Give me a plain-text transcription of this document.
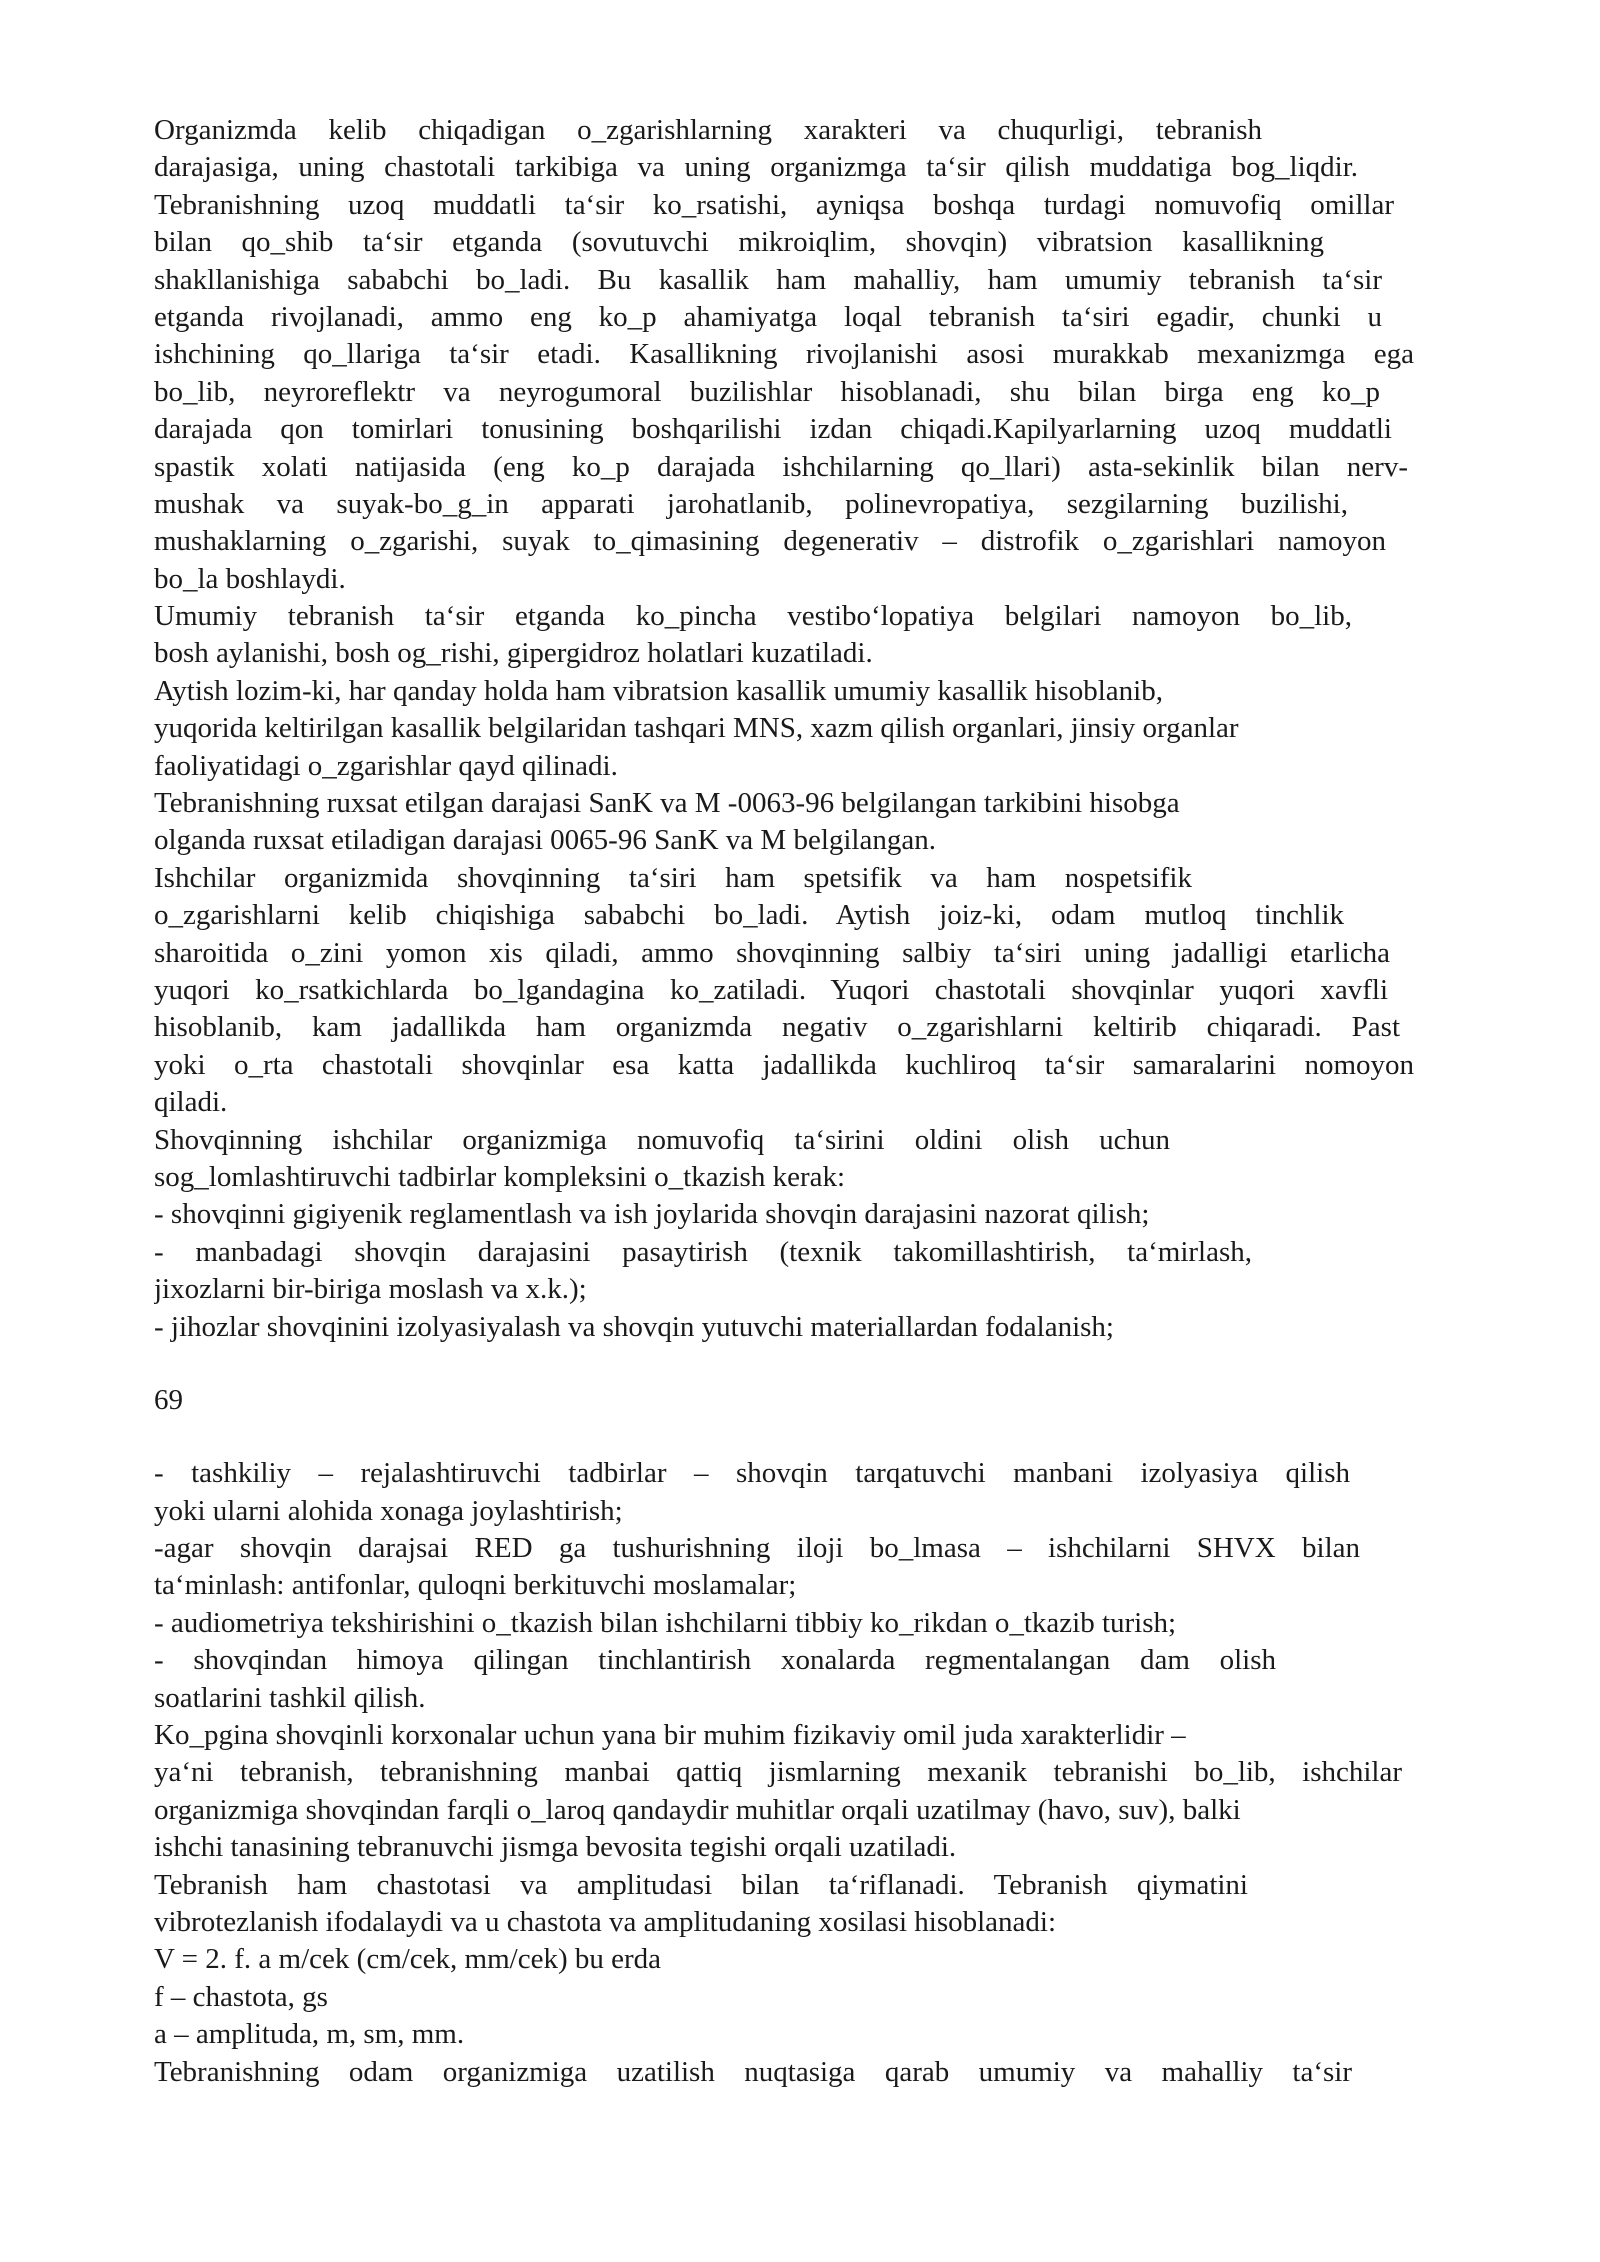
Organizmda kelib chiqadigan o_zgarishlarning xarakteri va chuqurligi, tebranish
darajasiga, uning chastotali tarkibiga va uning organizmga ta‘sir qilish muddatiga bog_liqdir.
Tebranishning uzoq muddatli ta‘sir ko_rsatishi, ayniqsa boshqa turdagi nomuvofiq omillar
bilan qo_shib ta‘sir etganda (sovutuvchi mikroiqlim, shovqin) vibratsion kasallikning
shakllanishiga sababchi bo_ladi. Bu kasallik ham mahalliy, ham umumiy tebranish ta‘sir
etganda rivojlanadi, ammo eng ko_p ahamiyatga loqal tebranish ta‘siri egadir, chunki u
ishchining qo_llariga ta‘sir etadi. Kasallikning rivojlanishi asosi murakkab mexanizmga ega
bo_lib, neyroreflektr va neyrogumoral buzilishlar hisoblanadi, shu bilan birga eng ko_p
darajada qon tomirlari tonusining boshqarilishi izdan chiqadi.Kapilyarlarning uzoq muddatli
spastik xolati natijasida (eng ko_p darajada ishchilarning qo_llari) asta-sekinlik bilan nerv-
mushak va suyak-bo_g_in apparati jarohatlanib, polinevropatiya, sezgilarning buzilishi,
mushaklarning o_zgarishi, suyak to_qimasining degenerativ – distrofik o_zgarishlari namoyon
bo_la boshlaydi.
Umumiy tebranish ta‘sir etganda ko_pincha vestibo‘lopatiya belgilari namoyon bo_lib,
bosh aylanishi, bosh og_rishi, gipergidroz holatlari kuzatiladi.
Aytish lozim-ki, har qanday holda ham vibratsion kasallik umumiy kasallik hisoblanib,
yuqorida keltirilgan kasallik belgilaridan tashqari MNS, xazm qilish organlari, jinsiy organlar
faoliyatidagi o_zgarishlar qayd qilinadi.
Tebranishning ruxsat etilgan darajasi SanK va M -0063-96 belgilangan tarkibini hisobga
olganda ruxsat etiladigan darajasi 0065-96 SanK va M belgilangan.
Ishchilar organizmida shovqinning ta‘siri ham spetsifik va ham nospetsifik
o_zgarishlarni kelib chiqishiga sababchi bo_ladi. Aytish joiz-ki, odam mutloq tinchlik
sharoitida o_zini yomon xis qiladi, ammo shovqinning salbiy ta‘siri uning jadalligi etarlicha
yuqori ko_rsatkichlarda bo_lgandagina ko_zatiladi. Yuqori chastotali shovqinlar yuqori xavfli
hisoblanib, kam jadallikda ham organizmda negativ o_zgarishlarni keltirib chiqaradi. Past
yoki o_rta chastotali shovqinlar esa katta jadallikda kuchliroq ta‘sir samaralarini nomoyon
qiladi.
Shovqinning ishchilar organizmiga nomuvofiq ta‘sirini oldini olish uchun
sog_lomlashtiruvchi tadbirlar kompleksini o_tkazish kerak:
- shovqinni gigiyenik reglamentlash va ish joylarida shovqin darajasini nazorat qilish;
- manbadagi shovqin darajasini pasaytirish (texnik takomillashtirish, ta‘mirlash,
jixozlarni bir-biriga moslash va x.k.);
- jihozlar shovqinini izolyasiyalash va shovqin yutuvchi materiallardan fodalanish;
69
- tashkiliy – rejalashtiruvchi tadbirlar – shovqin tarqatuvchi manbani izolyasiya qilish
yoki ularni alohida xonaga joylashtirish;
-agar shovqin darajsai RED ga tushurishning iloji bo_lmasa – ishchilarni SHVX bilan
ta‘minlash: antifonlar, quloqni berkituvchi moslamalar;
- audiometriya tekshirishini o_tkazish bilan ishchilarni tibbiy ko_rikdan o_tkazib turish;
- shovqindan himoya qilingan tinchlantirish xonalarda regmentalangan dam olish
soatlarini tashkil qilish.
Ko_pgina shovqinli korxonalar uchun yana bir muhim fizikaviy omil juda xarakterlidir –
ya‘ni tebranish, tebranishning manbai qattiq jismlarning mexanik tebranishi bo_lib, ishchilar
organizmiga shovqindan farqli o_laroq qandaydir muhitlar orqali uzatilmay (havo, suv), balki
ishchi tanasining tebranuvchi jismga bevosita tegishi orqali uzatiladi.
Tebranish ham chastotasi va amplitudasi bilan ta‘riflanadi. Tebranish qiymatini
vibrotezlanish ifodalaydi va u chastota va amplitudaning xosilasi hisoblanadi:
V = 2. f. a m/cek (cm/cek, mm/cek) bu erda
f – chastota, gs
a – amplituda, m, sm, mm.
Tebranishning odam organizmiga uzatilish nuqtasiga qarab umumiy va mahalliy ta‘sir
